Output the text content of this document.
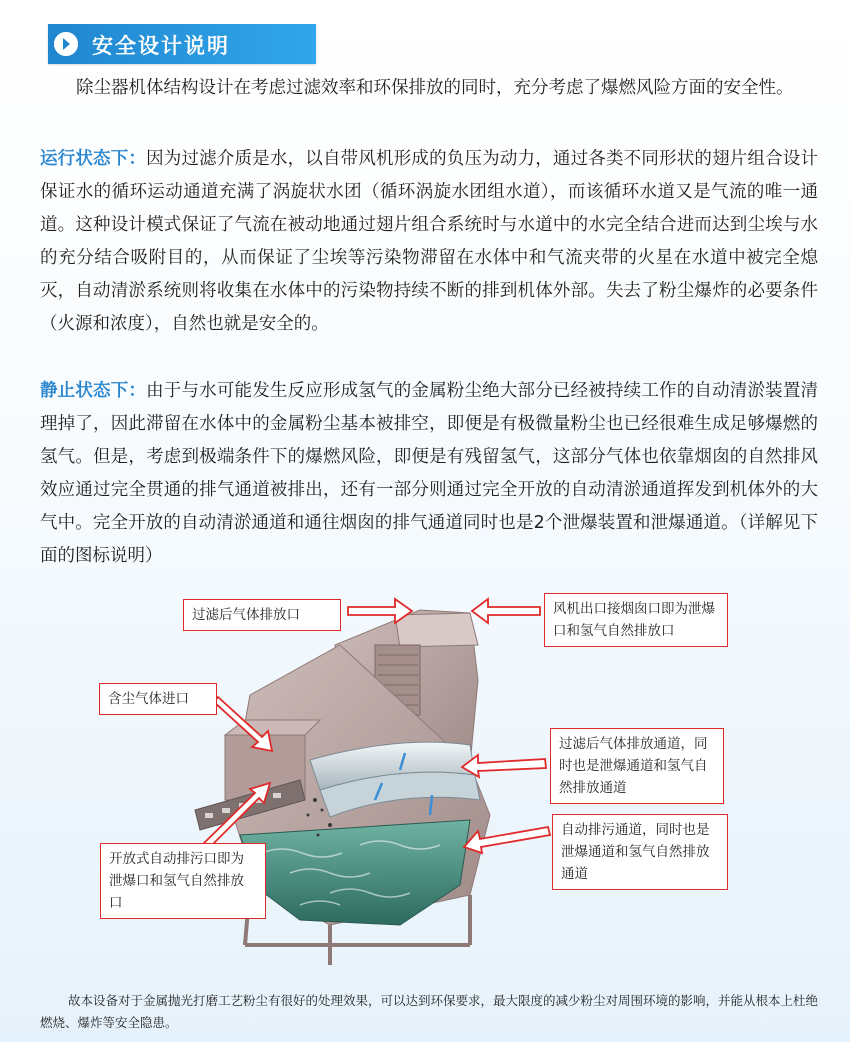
安全设计说明

除尘器机体结构设计在考虑过滤效率和环保排放的同时，充分考虑了爆燃风险方面的安全性。

运行状态下：因为过滤介质是水，以自带风机形成的负压为动力，通过各类不同形状的翅片组合设计保证水的循环运动通道充满了涡旋状水团（循环涡旋水团组水道），而该循环水道又是气流的唯一通道。这种设计模式保证了气流在被动地通过翅片组合系统时与水道中的水完全结合进而达到尘埃与水的充分结合吸附目的，从而保证了尘埃等污染物滞留在水体中和气流夹带的火星在水道中被完全熄灭，自动清淤系统则将收集在水体中的污染物持续不断的排到机体外部。失去了粉尘爆炸的必要条件（火源和浓度），自然也就是安全的。

静止状态下：由于与水可能发生反应形成氢气的金属粉尘绝大部分已经被持续工作的自动清淤装置清理掉了，因此滞留在水体中的金属粉尘基本被排空，即便是有极微量粉尘也已经很难生成足够爆燃的氢气。但是，考虑到极端条件下的爆燃风险，即便是有残留氢气，这部分气体也依靠烟囱的自然排风效应通过完全贯通的排气通道被排出，还有一部分则通过完全开放的自动清淤通道挥发到机体外的大气中。完全开放的自动清淤通道和通往烟囱的排气通道同时也是2个泄爆装置和泄爆通道。（详解见下面的图标说明）

过滤后气体排放口	风机出口接烟囱口即为泄爆口和氢气自然排放口
含尘气体进口
过滤后气体排放通道，同时也是泄爆通道和氢气自然排放通道
自动排污通道，同时也是泄爆通道和氢气自然排放通道
开放式自动排污口即为泄爆口和氢气自然排放口

故本设备对于金属抛光打磨工艺粉尘有很好的处理效果，可以达到环保要求，最大限度的减少粉尘对周围环境的影响，并能从根本上杜绝燃烧、爆炸等安全隐患。
